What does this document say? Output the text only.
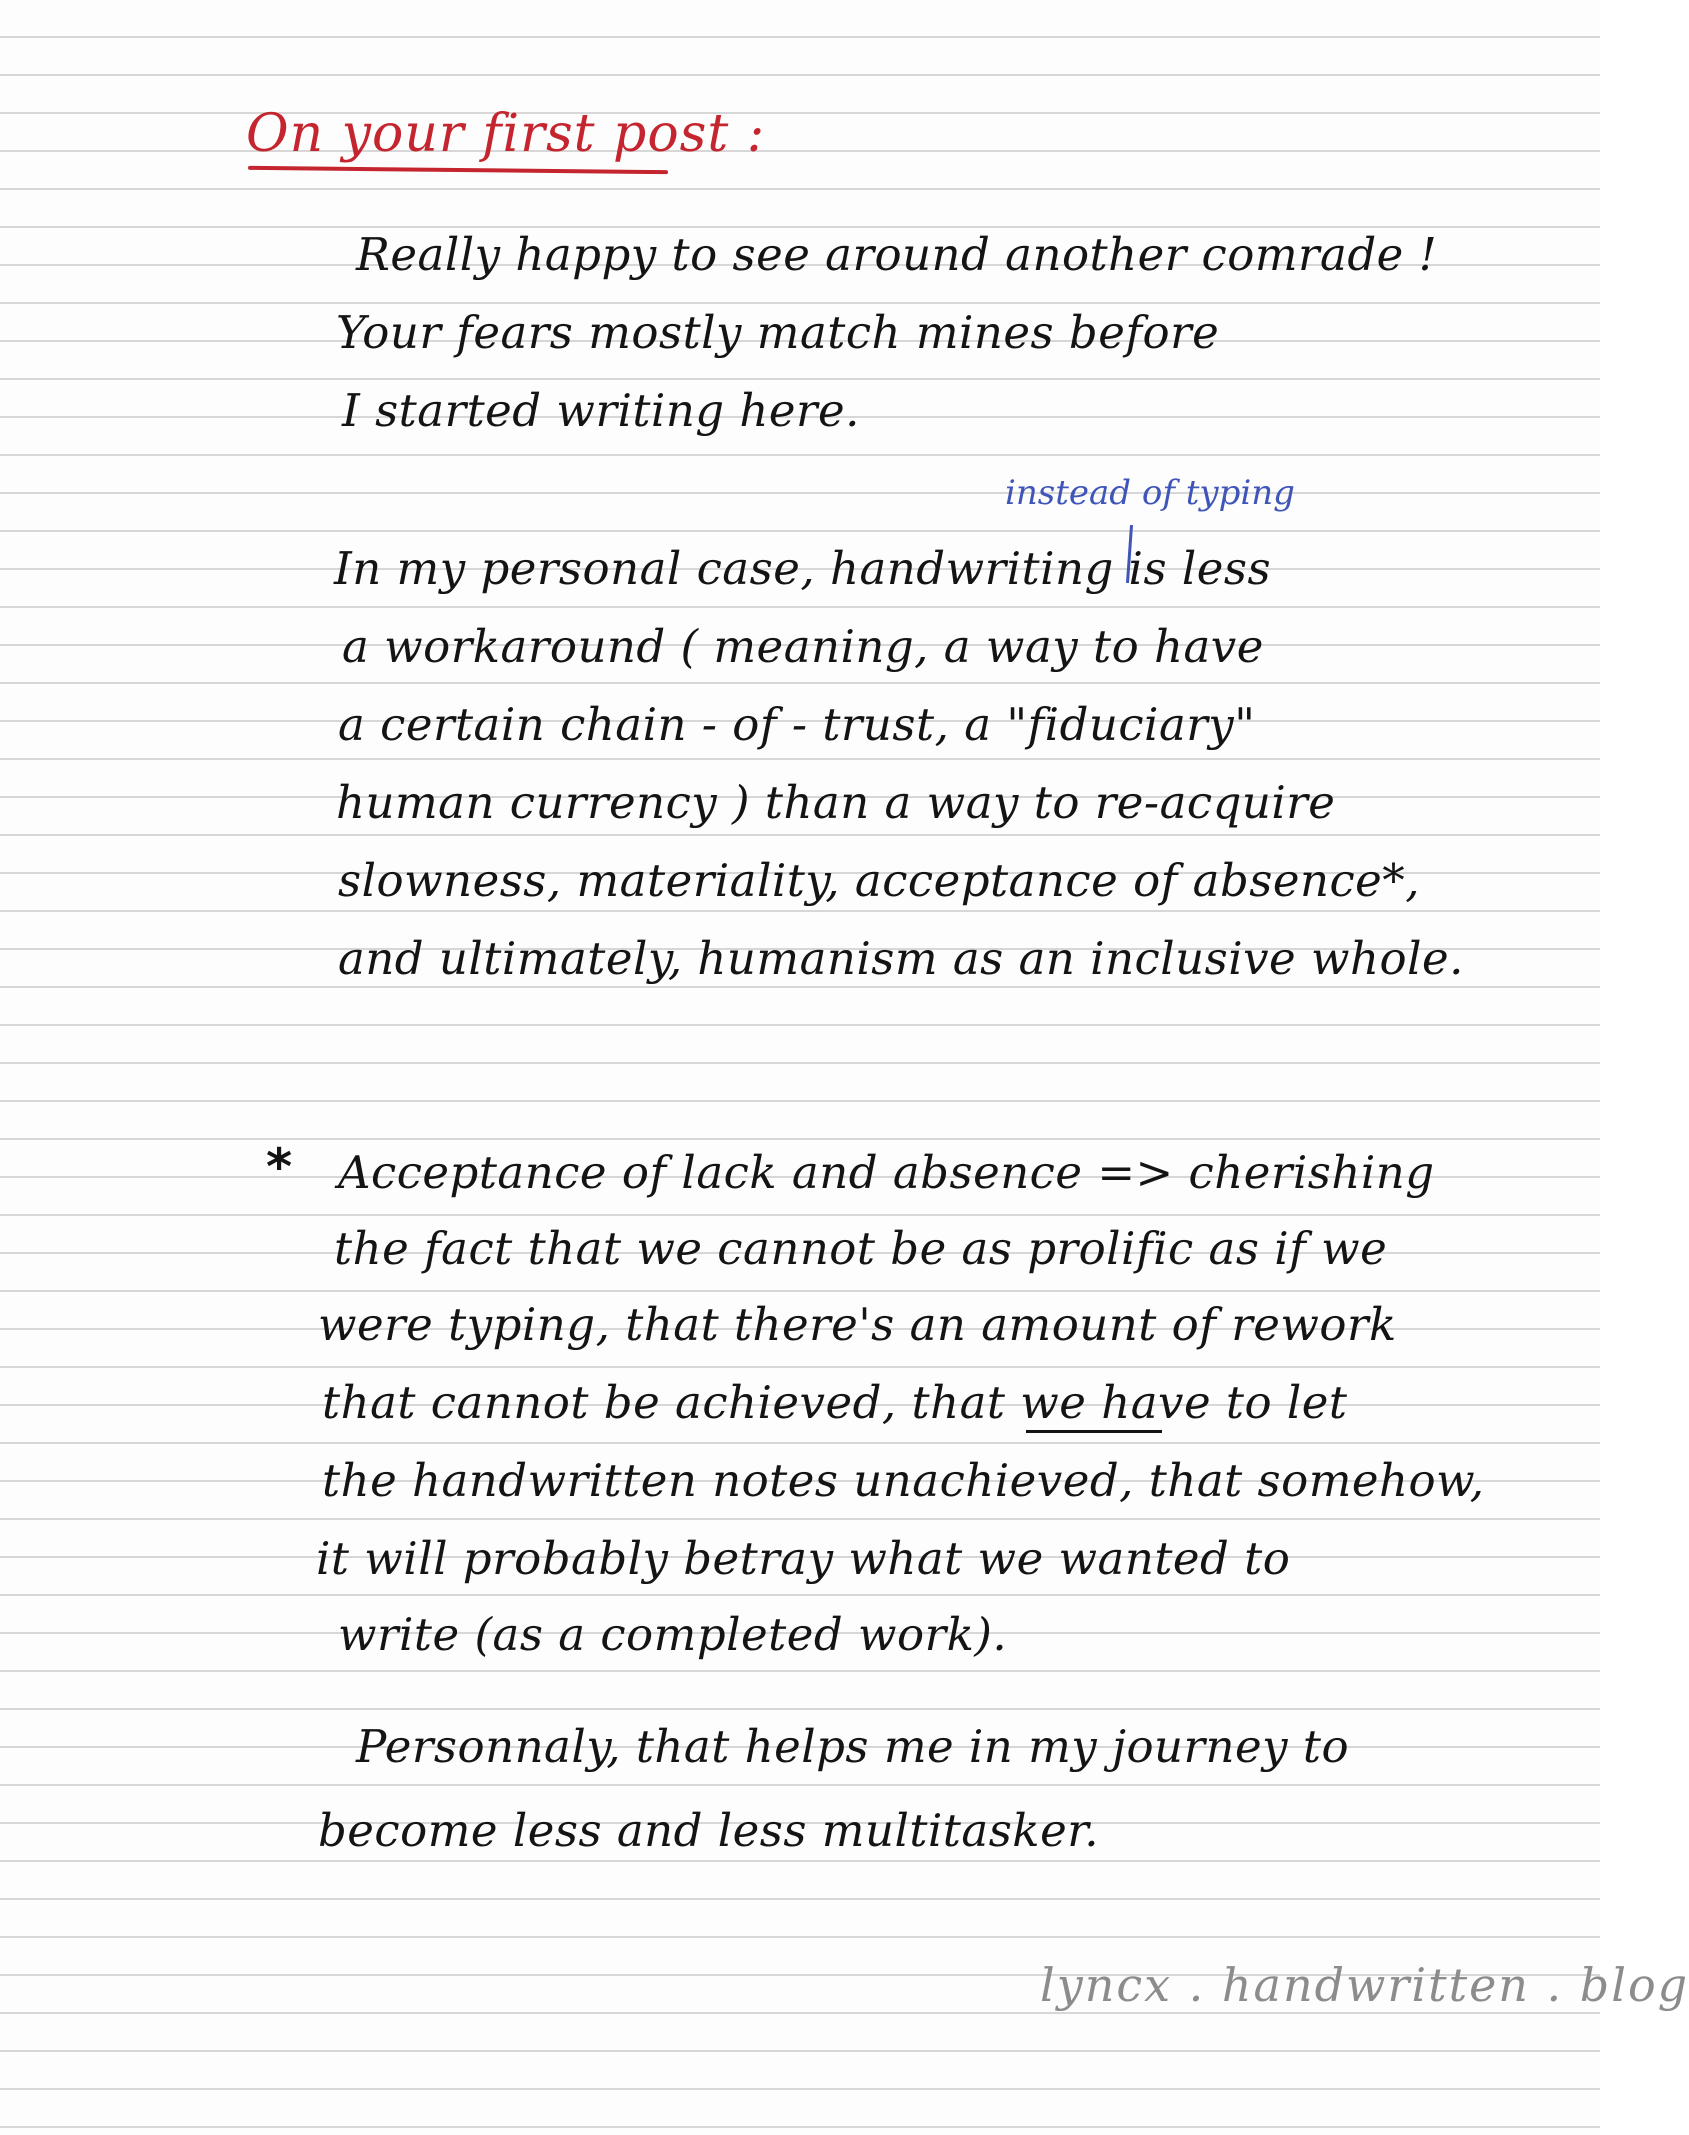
On your first post :
Really happy to see around another comrade !
Your fears mostly match mines before
I started writing here.
instead of typing
In my personal case, handwriting is less
a workaround ( meaning, a way to have
a certain chain - of - trust, a "fiduciary"
human currency ) than a way to re-acquire
slowness, materiality, acceptance of absence*,
and ultimately, humanism as an inclusive whole.
* Acceptance of lack and absence => cherishing
the fact that we cannot be as prolific as if we
were typing, that there's an amount of rework
that cannot be achieved, that we have to let
the handwritten notes unachieved, that somehow,
it will probably betray what we wanted to
write (as a completed work).
Personnaly, that helps me in my journey to
become less and less multitasker.
lyncx . handwritten . blog
